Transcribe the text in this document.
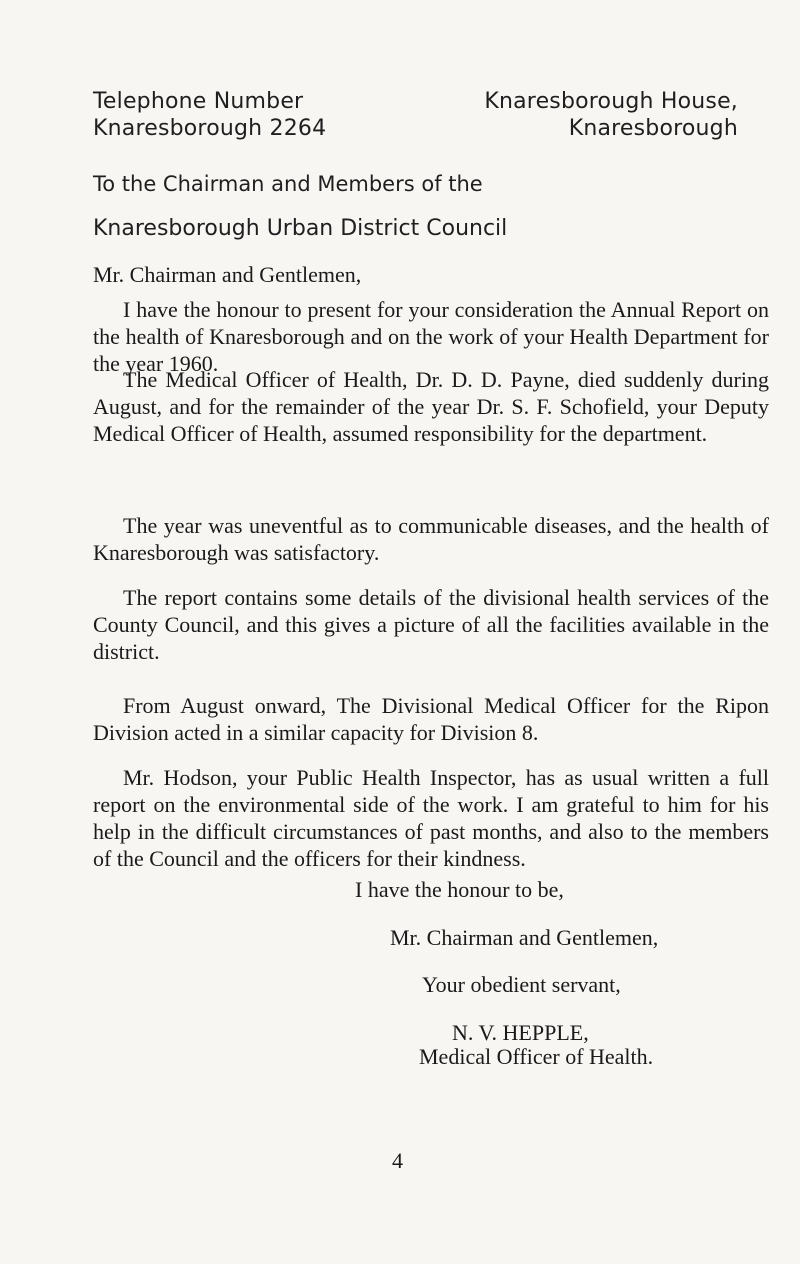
Telephone Number
Knaresborough 2264
Knaresborough House,
Knaresborough
To the Chairman and Members of the
Knaresborough Urban District Council
Mr. Chairman and Gentlemen,

I have the honour to present for your consideration the Annual Report on the health of Knaresborough and on the work of your Health Department for the year 1960.

The Medical Officer of Health, Dr. D. D. Payne, died suddenly during August, and for the remainder of the year Dr. S. F. Schofield, your Deputy Medical Officer of Health, assumed responsibility for the department.

The year was uneventful as to communicable diseases, and the health of Knaresborough was satisfactory.

The report contains some details of the divisional health services of the County Council, and this gives a picture of all the facilities available in the district.

From August onward, The Divisional Medical Officer for the Ripon Division acted in a similar capacity for Division 8.

Mr. Hodson, your Public Health Inspector, has as usual written a full report on the environmental side of the work. I am grateful to him for his help in the difficult circumstances of past months, and also to the members of the Council and the officers for their kindness.

I have the honour to be,
Mr. Chairman and Gentlemen,
Your obedient servant,
N. V. HEPPLE,
Medical Officer of Health.
4
